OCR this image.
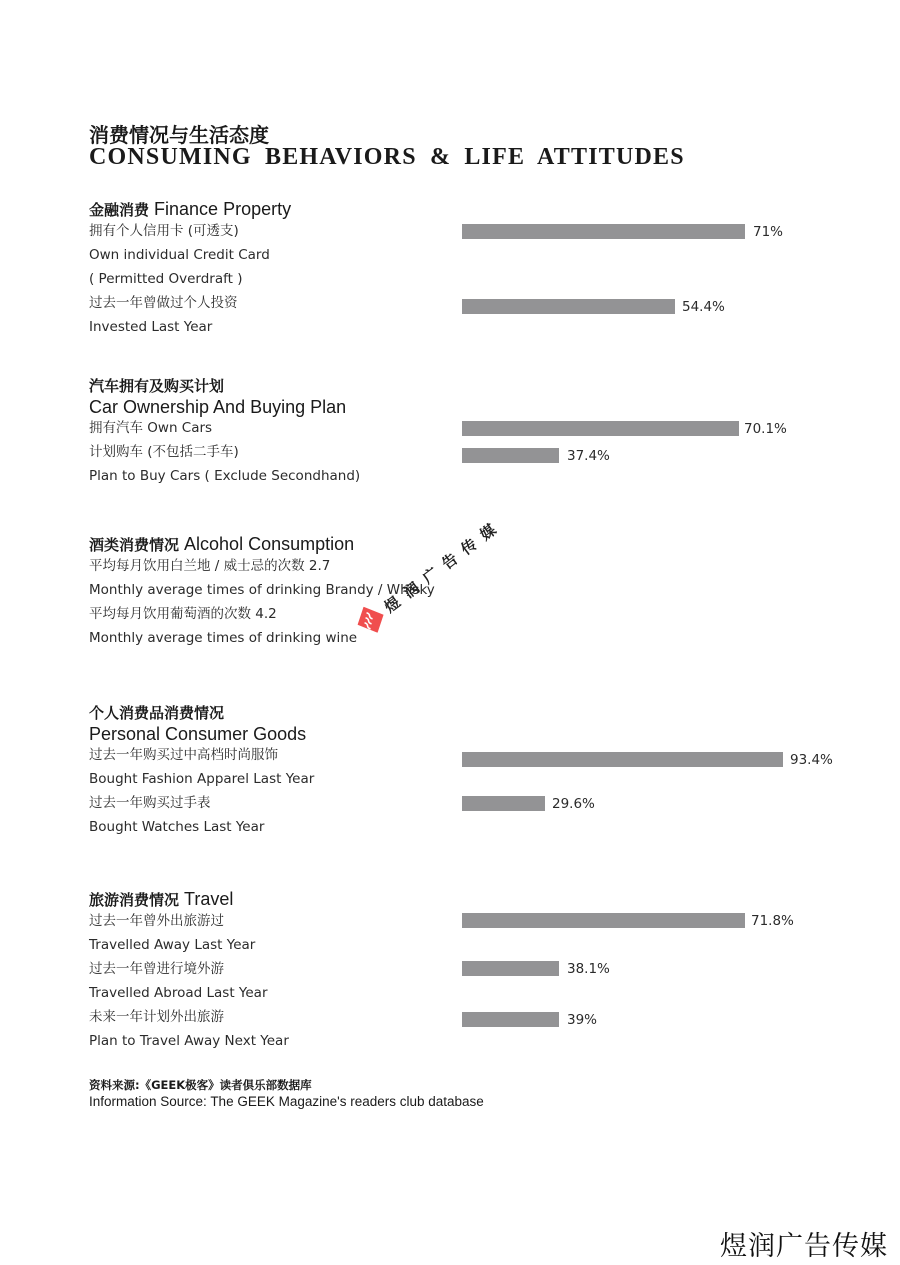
消费情况与生活态度
CONSUMING BEHAVIORS & LIFE ATTITUDES
金融消费 Finance Property
拥有个人信用卡 (可透支)
Own individual Credit Card
( Permitted Overdraft )
过去一年曾做过个人投资
Invested Last Year
71%
54.4%
汽车拥有及购买计划
Car Ownership And Buying Plan
拥有汽车 Own Cars
计划购车 (不包括二手车)
Plan to Buy Cars ( Exclude Secondhand)
70.1%
37.4%
酒类消费情况 Alcohol Consumption
平均每月饮用白兰地 / 威士忌的次数 2.7
Monthly average times of drinking Brandy / Whisky
平均每月饮用葡萄酒的次数 4.2
Monthly average times of drinking wine
煜润广告传媒
个人消费品消费情况
Personal Consumer Goods
过去一年购买过中高档时尚服饰
Bought Fashion Apparel Last Year
过去一年购买过手表
Bought Watches Last Year
93.4%
29.6%
旅游消费情况 Travel
过去一年曾外出旅游过
Travelled Away Last Year
过去一年曾进行境外游
Travelled Abroad Last Year
未来一年计划外出旅游
Plan to Travel Away Next Year
71.8%
38.1%
39%
资料来源:《GEEK极客》读者俱乐部数据库
Information Source: The GEEK Magazine's readers club database
煜润广告传媒
